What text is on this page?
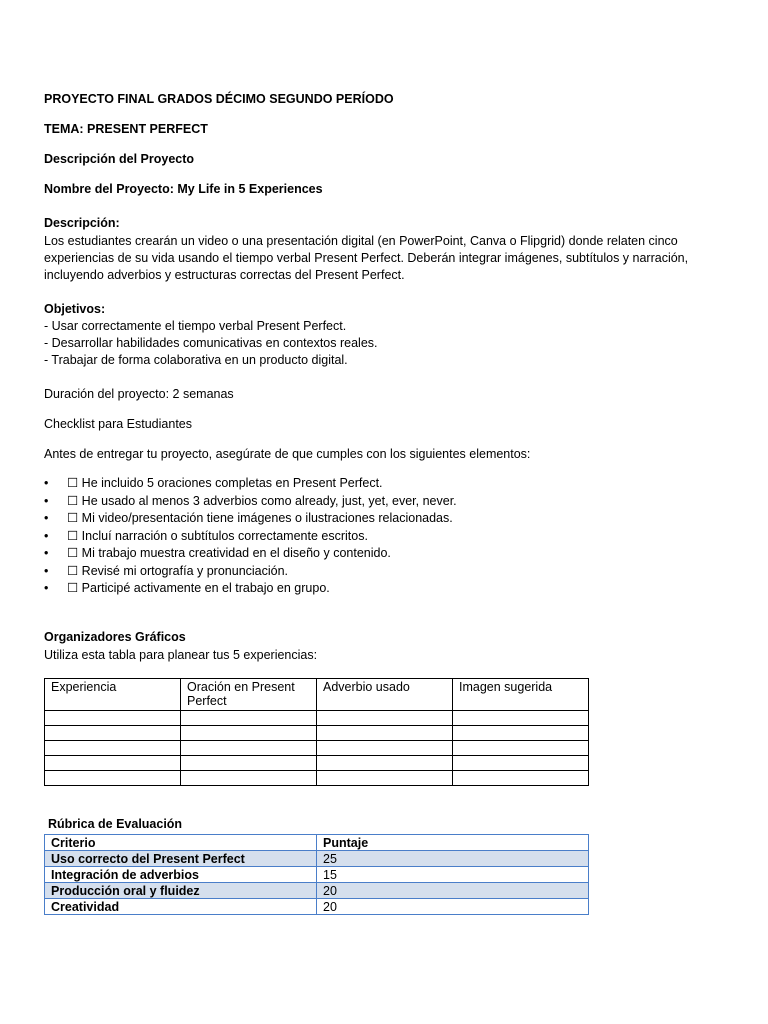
PROYECTO FINAL GRADOS DÉCIMO SEGUNDO PERÍODO
TEMA: PRESENT PERFECT
Descripción del Proyecto
Nombre del Proyecto: My Life in 5 Experiences
Descripción:
Los estudiantes crearán un video o una presentación digital (en PowerPoint, Canva o Flipgrid) donde relaten cinco
experiencias de su vida usando el tiempo verbal Present Perfect. Deberán integrar imágenes, subtítulos y narración,
incluyendo adverbios y estructuras correctas del Present Perfect.
Objetivos:
- Usar correctamente el tiempo verbal Present Perfect.
- Desarrollar habilidades comunicativas en contextos reales.
- Trabajar de forma colaborativa en un producto digital.
Duración del proyecto: 2 semanas
Checklist para Estudiantes
Antes de entregar tu proyecto, asegúrate de que cumples con los siguientes elementos:
• ☐ He incluido 5 oraciones completas en Present Perfect.
• ☐ He usado al menos 3 adverbios como already, just, yet, ever, never.
• ☐ Mi video/presentación tiene imágenes o ilustraciones relacionadas.
• ☐ Incluí narración o subtítulos correctamente escritos.
• ☐ Mi trabajo muestra creatividad en el diseño y contenido.
• ☐ Revisé mi ortografía y pronunciación.
• ☐ Participé activamente en el trabajo en grupo.
Organizadores Gráficos
Utiliza esta tabla para planear tus 5 experiencias:
Experiencia	Oración en Present Perfect	Adverbio usado	Imagen sugerida

Rúbrica de Evaluación
Criterio	Puntaje
Uso correcto del Present Perfect	25
Integración de adverbios	15
Producción oral y fluidez	20
Creatividad	20
